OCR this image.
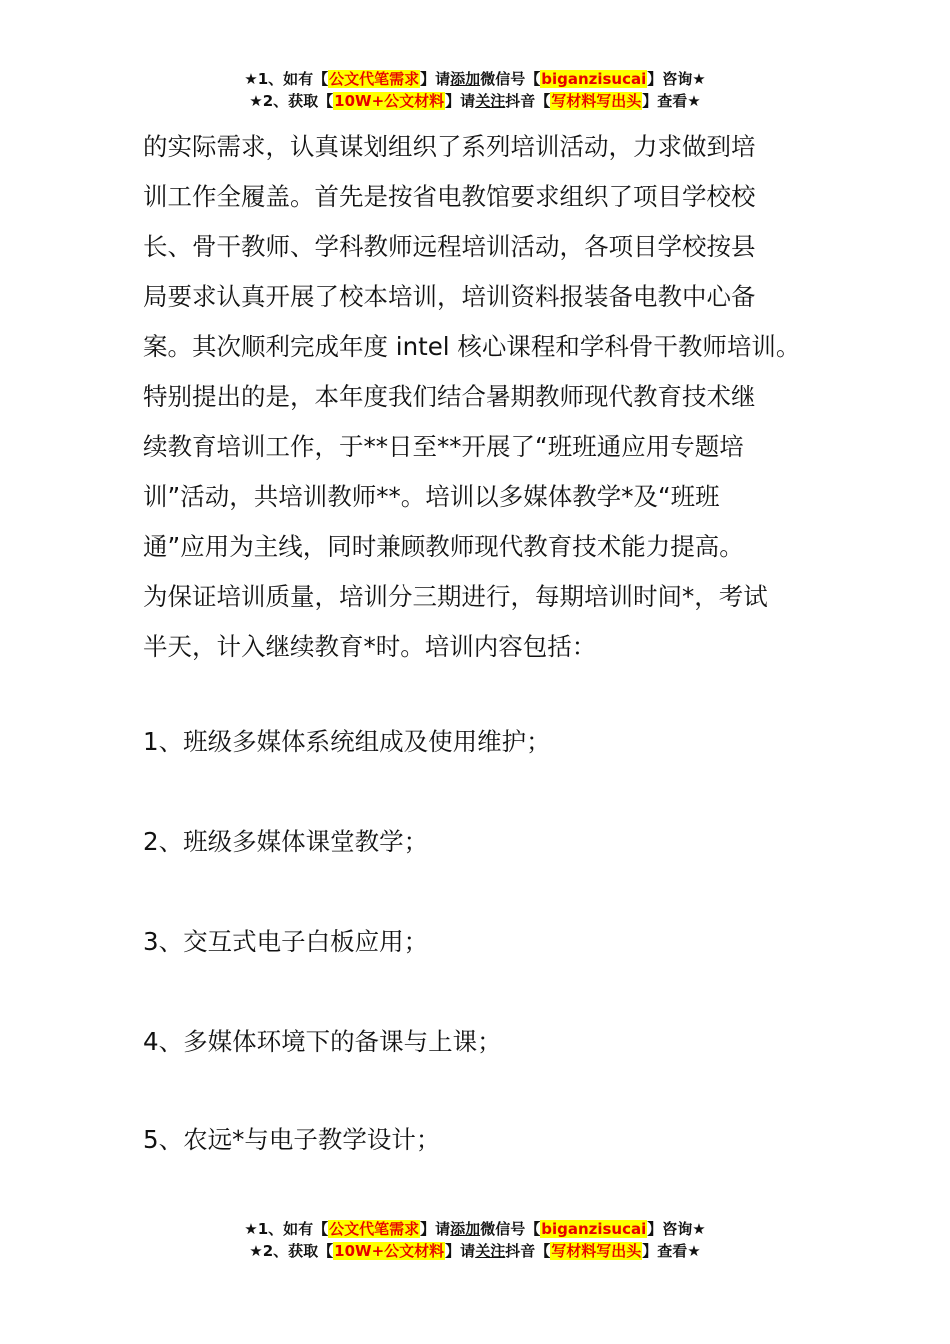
★1、如有【公文代笔需求】请添加微信号【biganzisucai】咨询★
★2、获取【10W+公文材料】请关注抖音【写材料写出头】查看★
的实际需求，认真谋划组织了系列培训活动，力求做到培
训工作全履盖。首先是按省电教馆要求组织了项目学校校
长、骨干教师、学科教师远程培训活动，各项目学校按县
局要求认真开展了校本培训，培训资料报装备电教中心备
案。其次顺利完成年度 intel 核心课程和学科骨干教师培训。
特别提出的是，本年度我们结合暑期教师现代教育技术继
续教育培训工作，于**日至**开展了“班班通应用专题培
训”活动，共培训教师**。培训以多媒体教学*及“班班
通”应用为主线，同时兼顾教师现代教育技术能力提高。
为保证培训质量，培训分三期进行，每期培训时间*，考试
半天，计入继续教育*时。培训内容包括：
1、班级多媒体系统组成及使用维护；
2、班级多媒体课堂教学；
3、交互式电子白板应用；
4、多媒体环境下的备课与上课；
5、农远*与电子教学设计；
★1、如有【公文代笔需求】请添加微信号【biganzisucai】咨询★
★2、获取【10W+公文材料】请关注抖音【写材料写出头】查看★
